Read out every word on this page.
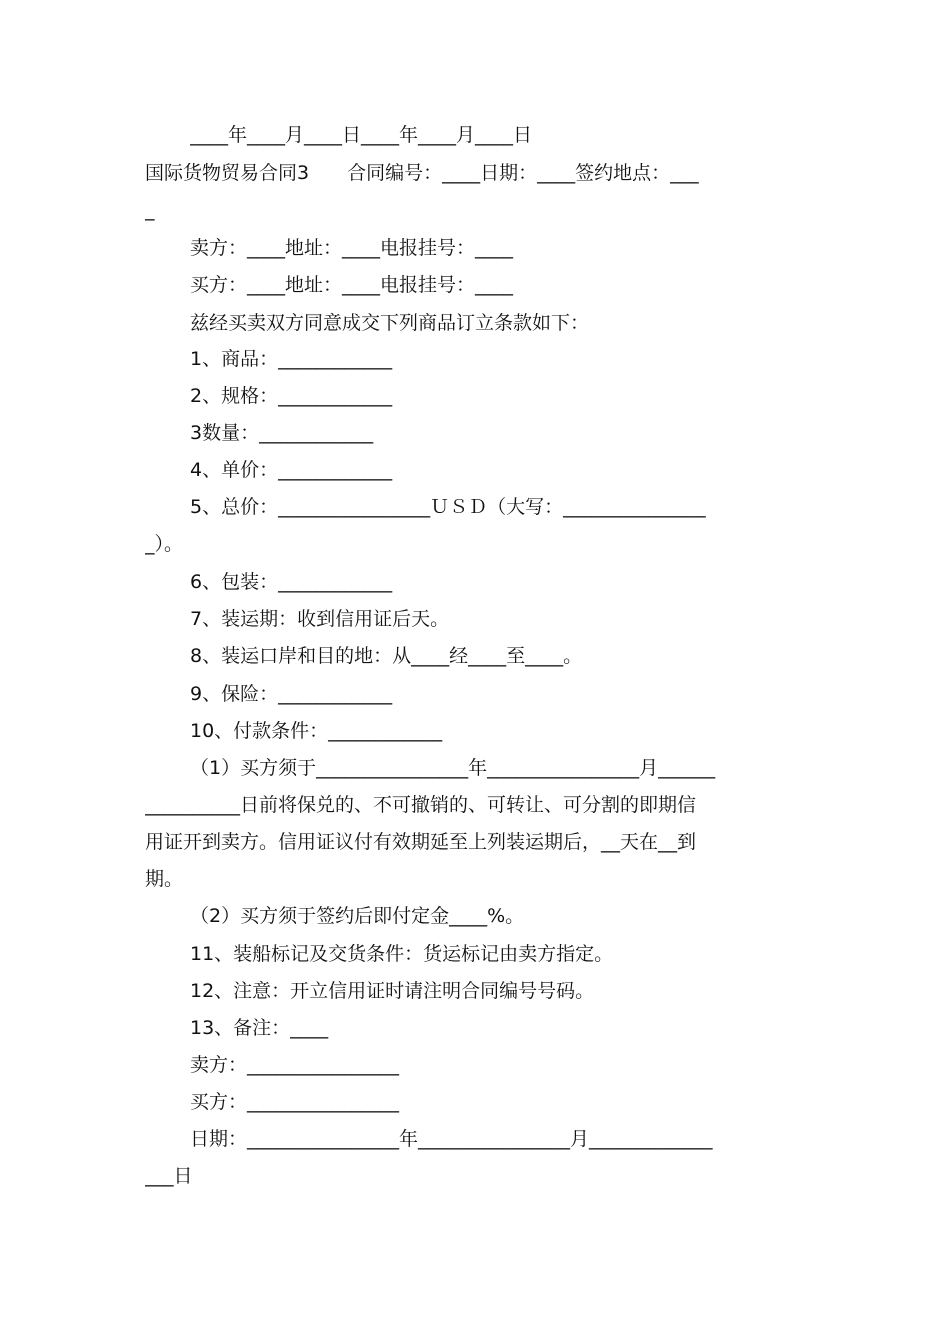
____年____月____日____年____月____日
国际货物贸易合同3　　合同编号：____日期：____签约地点：___
_
卖方：____地址：____电报挂号：____
买方：____地址：____电报挂号：____
兹经买卖双方同意成交下列商品订立条款如下：
1、商品：____________
2、规格：____________
3数量：____________
4、单价：____________
5、总价：________________ＵＳＤ（大写：_______________
_）。
6、包装：____________
7、装运期：收到信用证后天。
8、装运口岸和目的地：从____经____至____。
9、保险：____________
10、付款条件：____________
（1）买方须于________________年________________月______
__________日前将保兑的、不可撤销的、可转让、可分割的即期信
用证开到卖方。信用证议付有效期延至上列装运期后，__天在__到
期。
（2）买方须于签约后即付定金____%。
11、装船标记及交货条件：货运标记由卖方指定。
12、注意：开立信用证时请注明合同编号号码。
13、备注：____
卖方：________________
买方：________________
日期：________________年________________月_____________
___日
